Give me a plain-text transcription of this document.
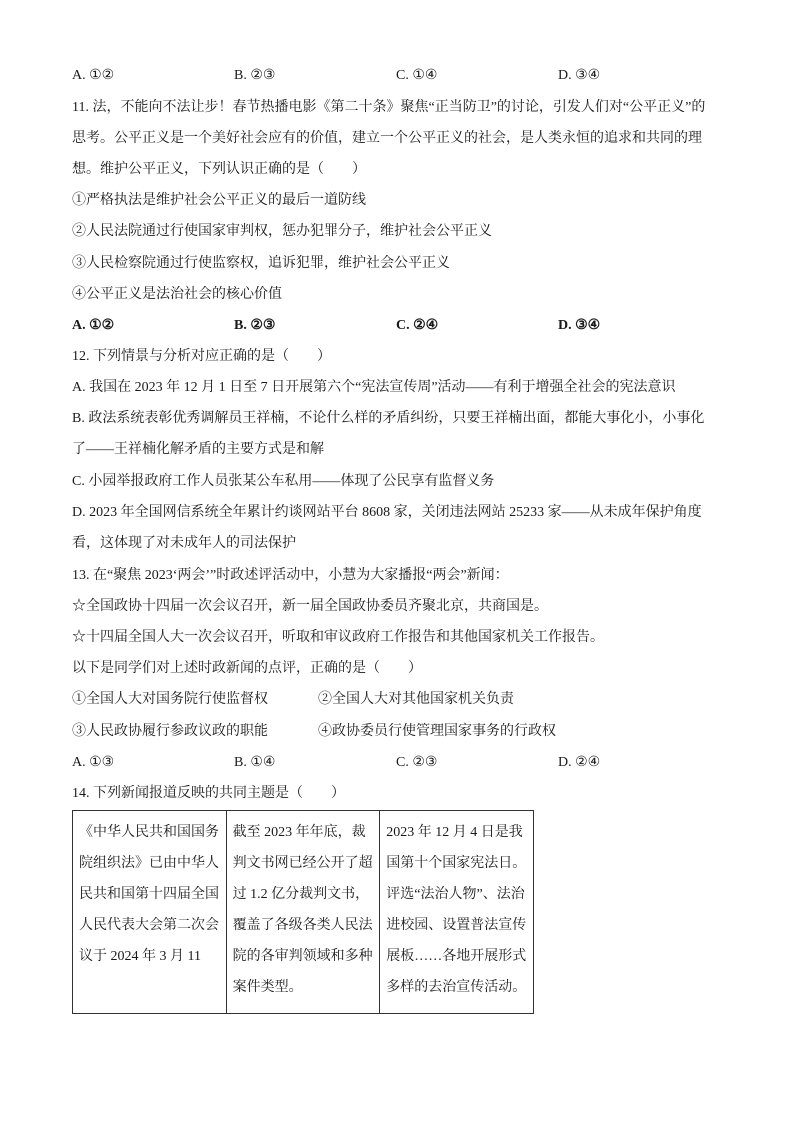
A. ①②	B. ②③	C. ①④	D. ③④
11. 法，不能向不法让步！春节热播电影《第二十条》聚焦“正当防卫”的讨论，引发人们对“公平正义”的
思考。公平正义是一个美好社会应有的价值，建立一个公平正义的社会，是人类永恒的追求和共同的理
想。维护公平正义，下列认识正确的是（　　）
①严格执法是维护社会公平正义的最后一道防线
②人民法院通过行使国家审判权，惩办犯罪分子，维护社会公平正义
③人民检察院通过行使监察权，追诉犯罪，维护社会公平正义
④公平正义是法治社会的核心价值
A. ①②	B. ②③	C. ②④	D. ③④
12. 下列情景与分析对应正确的是（　　）
A. 我国在 2023 年 12 月 1 日至 7 日开展第六个“宪法宣传周”活动——有利于增强全社会的宪法意识
B. 政法系统表彰优秀调解员王祥楠，不论什么样的矛盾纠纷，只要王祥楠出面，都能大事化小，小事化
了——王祥楠化解矛盾的主要方式是和解
C. 小园举报政府工作人员张某公车私用——体现了公民享有监督义务
D. 2023 年全国网信系统全年累计约谈网站平台 8608 家，关闭违法网站 25233 家——从未成年保护角度
看，这体现了对未成年人的司法保护
13. 在“聚焦 2023‘两会’”时政述评活动中，小慧为大家播报“两会”新闻：
☆全国政协十四届一次会议召开，新一届全国政协委员齐聚北京，共商国是。
☆十四届全国人大一次会议召开，听取和审议政府工作报告和其他国家机关工作报告。
以下是同学们对上述时政新闻的点评，正确的是（　　）
①全国人大对国务院行使监督权	②全国人大对其他国家机关负责
③人民政协履行参政议政的职能	④政协委员行使管理国家事务的行政权
A. ①③	B. ①④	C. ②③	D. ②④
14. 下列新闻报道反映的共同主题是（　　）
《中华人民共和国国务院组织法》已由中华人民共和国第十四届全国人民代表大会第二次会议于 2024 年 3 月 11	截至 2023 年年底，裁判文书网已经公开了超过 1.2 亿分裁判文书，覆盖了各级各类人民法院的各审判领域和多种案件类型。	2023 年 12 月 4 日是我国第十个国家宪法日。评选“法治人物”、法治进校园、设置普法宣传展板……各地开展形式多样的去治宣传活动。
